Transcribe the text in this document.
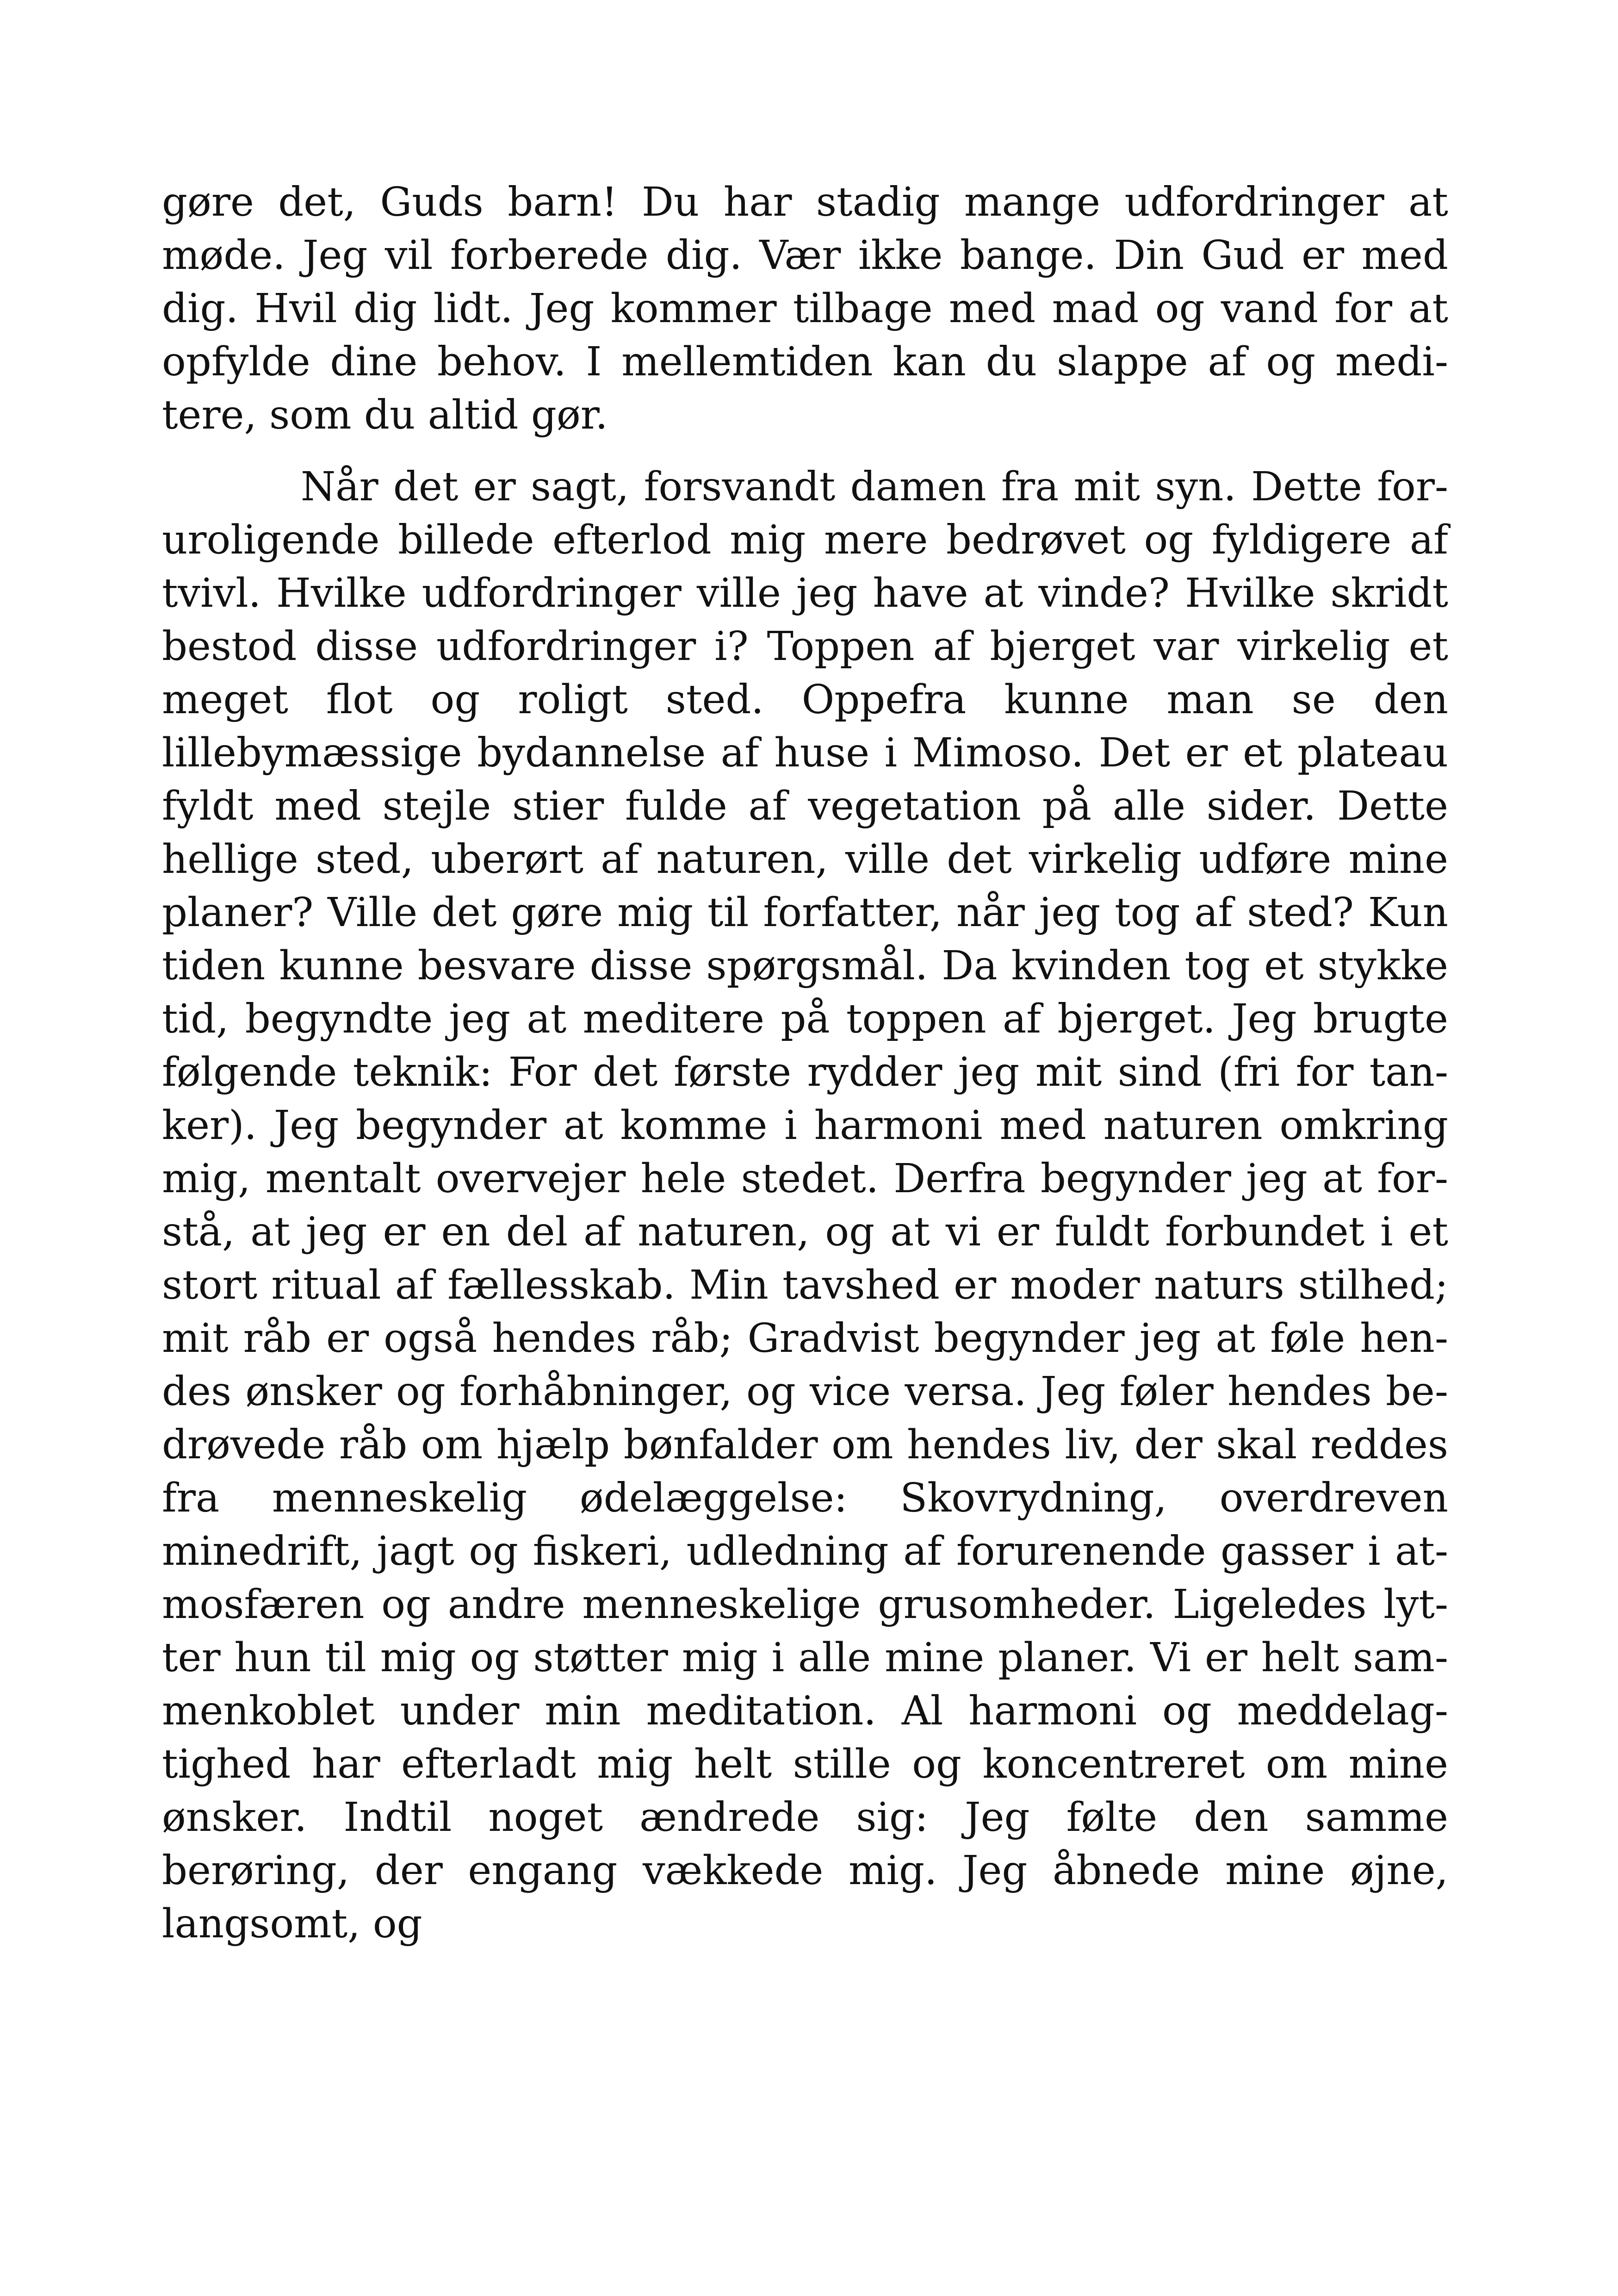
gøre det, Guds barn! Du har stadig mange udfordringer at møde. Jeg vil forberede dig. Vær ikke bange. Din Gud er med dig. Hvil dig lidt. Jeg kommer tilbage med mad og vand for at opfylde dine behov. I mellemtiden kan du slappe af og meditere, som du altid gør.

Når det er sagt, forsvandt damen fra mit syn. Dette foruroligende billede efterlod mig mere bedrøvet og fyldigere af tvivl. Hvilke udfordringer ville jeg have at vinde? Hvilke skridt bestod disse udfordringer i? Toppen af bjerget var virkelig et meget flot og roligt sted. Oppefra kunne man se den lillebymæssige bydannelse af huse i Mimoso. Det er et plateau fyldt med stejle stier fulde af vegetation på alle sider. Dette hellige sted, uberørt af naturen, ville det virkelig udføre mine planer? Ville det gøre mig til forfatter, når jeg tog af sted? Kun tiden kunne besvare disse spørgsmål. Da kvinden tog et stykke tid, begyndte jeg at meditere på toppen af bjerget. Jeg brugte følgende teknik: For det første rydder jeg mit sind (fri for tanker). Jeg begynder at komme i harmoni med naturen omkring mig, mentalt overvejer hele stedet. Derfra begynder jeg at forstå, at jeg er en del af naturen, og at vi er fuldt forbundet i et stort ritual af fællesskab. Min tavshed er moder naturs stilhed; mit råb er også hendes råb; Gradvist begynder jeg at føle hendes ønsker og forhåbninger, og vice versa. Jeg føler hendes bedrøvede råb om hjælp bønfalder om hendes liv, der skal reddes fra menneskelig ødelæggelse: Skovrydning, overdreven minedrift, jagt og fiskeri, udledning af forurenende gasser i atmosfæren og andre menneskelige grusomheder. Ligeledes lytter hun til mig og støtter mig i alle mine planer. Vi er helt sammenkoblet under min meditation. Al harmoni og meddelagtighed har efterladt mig helt stille og koncentreret om mine ønsker. Indtil noget ændrede sig: Jeg følte den samme berøring, der engang vækkede mig. Jeg åbnede mine øjne, langsomt, og
